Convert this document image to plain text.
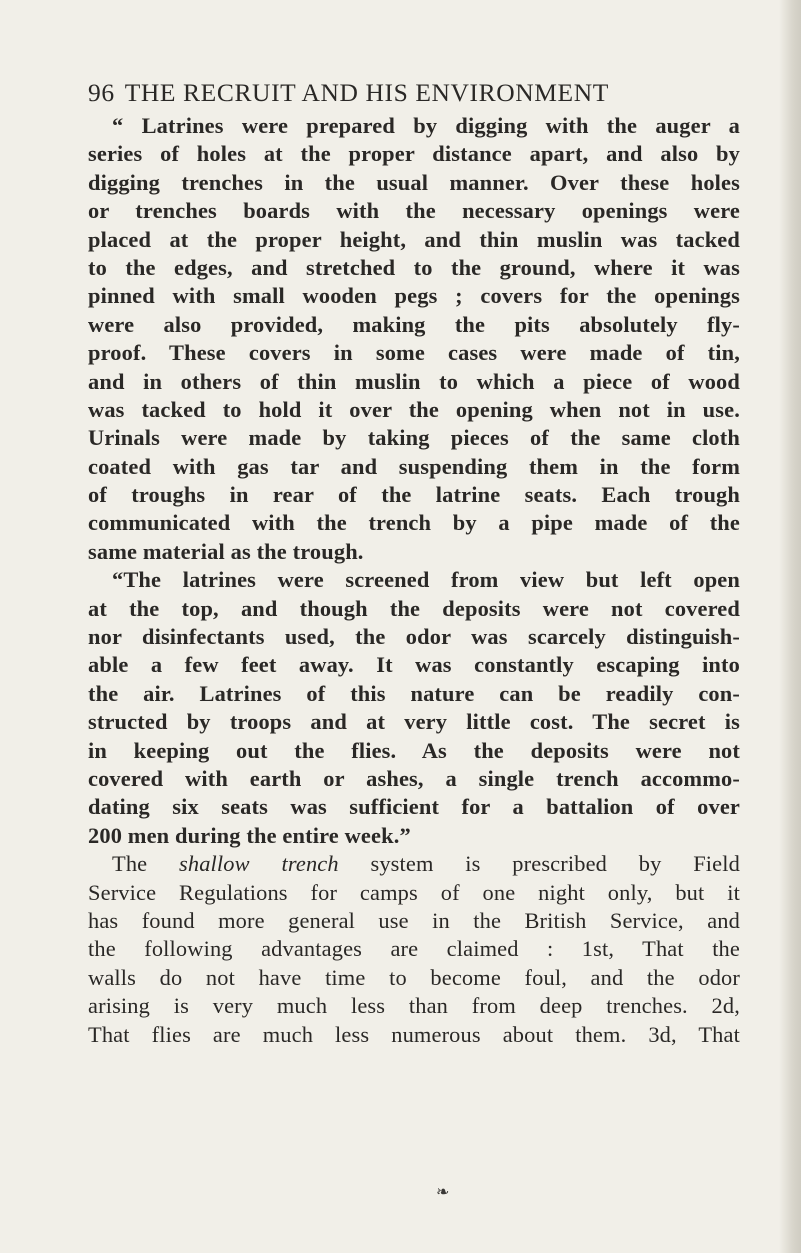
96 THE RECRUIT AND HIS ENVIRONMENT
“ Latrines were prepared by digging with the auger a
series of holes at the proper distance apart, and also by
digging trenches in the usual manner. Over these holes
or trenches boards with the necessary openings were
placed at the proper height, and thin muslin was tacked
to the edges, and stretched to the ground, where it was
pinned with small wooden pegs ; covers for the openings
were also provided, making the pits absolutely fly-
proof. These covers in some cases were made of tin,
and in others of thin muslin to which a piece of wood
was tacked to hold it over the opening when not in use.
Urinals were made by taking pieces of the same cloth
coated with gas tar and suspending them in the form
of troughs in rear of the latrine seats. Each trough
communicated with the trench by a pipe made of the
same material as the trough.
“The latrines were screened from view but left open
at the top, and though the deposits were not covered
nor disinfectants used, the odor was scarcely distinguish-
able a few feet away. It was constantly escaping into
the air. Latrines of this nature can be readily con-
structed by troops and at very little cost. The secret is
in keeping out the flies. As the deposits were not
covered with earth or ashes, a single trench accommo-
dating six seats was sufficient for a battalion of over
200 men during the entire week.”
The shallow trench system is prescribed by Field
Service Regulations for camps of one night only, but it
has found more general use in the British Service, and
the following advantages are claimed : 1st, That the
walls do not have time to become foul, and the odor
arising is very much less than from deep trenches. 2d,
That flies are much less numerous about them. 3d, That
❧
